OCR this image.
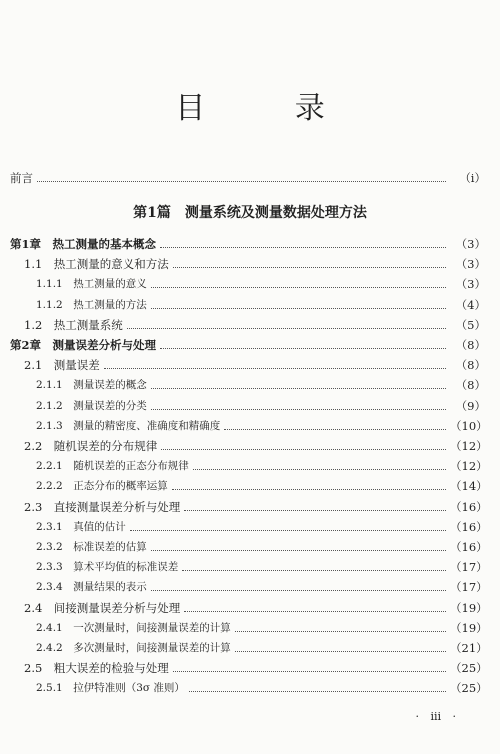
目 录
前言	（ⅰ）
第1篇　测量系统及测量数据处理方法
第1章　热工测量的基本概念	（3）
1.1　热工测量的意义和方法	（3）
1.1.1　热工测量的意义	（3）
1.1.2　热工测量的方法	（4）
1.2　热工测量系统	（5）
第2章　测量误差分析与处理	（8）
2.1　测量误差	（8）
2.1.1　测量误差的概念	（8）
2.1.2　测量误差的分类	（9）
2.1.3　测量的精密度、准确度和精确度	（10）
2.2　随机误差的分布规律	（12）
2.2.1　随机误差的正态分布规律	（12）
2.2.2　正态分布的概率运算	（14）
2.3　直接测量误差分析与处理	（16）
2.3.1　真值的估计	（16）
2.3.2　标准误差的估算	（16）
2.3.3　算术平均值的标准误差	（17）
2.3.4　测量结果的表示	（17）
2.4　间接测量误差分析与处理	（19）
2.4.1　一次测量时，间接测量误差的计算	（19）
2.4.2　多次测量时，间接测量误差的计算	（21）
2.5　粗大误差的检验与处理	（25）
2.5.1　拉伊特准则（3σ 准则）	（25）
· ⅲ ·
